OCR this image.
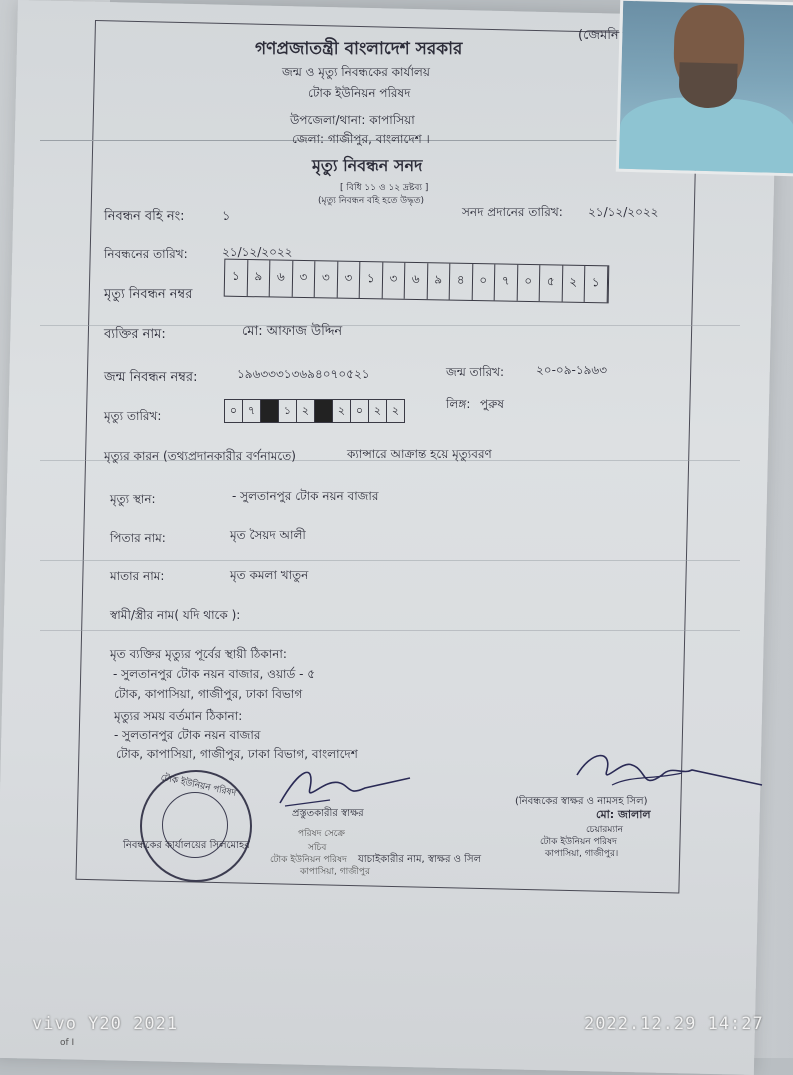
(জেমনি
গণপ্রজাতন্ত্রী বাংলাদেশ সরকার
জন্ম ও মৃত্যু নিবন্ধকের কার্যালয়
টোক ইউনিয়ন পরিষদ
উপজেলা/থানা: কাপাসিয়া
জেলা: গাজীপুর, বাংলাদেশ ।
মৃত্যু নিবন্ধন সনদ
[ বিধি ১১ ও ১২ দ্রষ্টব্য ]
(মৃত্যু নিবন্ধন বহি হতে উদ্ধৃত)
নিবন্ধন বহি নং:	১	সনদ প্রদানের তারিখ: ২১/১২/২০২২
নিবন্ধনের তারিখ:	২১/১২/২০২২
মৃত্যু নিবন্ধন নম্বর
১	৯	৬	৩	৩	৩	১	৩	৬	৯	৪	০	৭	০	৫	২	১
ব্যক্তির নাম:	মো: আফাজ উদ্দিন
জন্ম নিবন্ধন নম্বর:	১৯৬৩৩৩১৩৬৯৪০৭০৫২১	জন্ম তারিখ:	২০-০৯-১৯৬৩
মৃত্যু তারিখ:	০ ৭	১ ২	২ ০ ২ ২	লিঙ্গ: পুরুষ
মৃত্যুর কারন (তথ্যপ্রদানকারীর বর্ণনামতে)	ক্যান্সারে আক্রান্ত হয়ে মৃত্যুবরণ
মৃত্যু স্থান:	- সুলতানপুর টোক নয়ন বাজার
পিতার নাম:	মৃত সৈয়দ আলী
মাতার নাম:	মৃত কমলা খাতুন
স্বামী/স্ত্রীর নাম( যদি থাকে ):
মৃত ব্যক্তির মৃত্যুর পূর্বের স্থায়ী ঠিকানা:
- সুলতানপুর টোক নয়ন বাজার, ওয়ার্ড - ৫
টোক, কাপাসিয়া, গাজীপুর, ঢাকা বিভাগ
মৃত্যুর সময় বর্তমান ঠিকানা:
- সুলতানপুর টোক নয়ন বাজার
টোক, কাপাসিয়া, গাজীপুর, ঢাকা বিভাগ, বাংলাদেশ
টোক ইউনিয়ন পরিষদ
নিবন্ধকের কার্যালয়ের সিলমোহর
প্রস্তুতকারীর স্বাক্ষর
পরিষদ সেক্রে
সচিব
টোক ইউনিয়ন পরিষদ
কাপাসিয়া, গাজীপুর
যাচাইকারীর নাম, স্বাক্ষর ও সিল
(নিবন্ধকের স্বাক্ষর ও নামসহ সিল)
মো: জালাল
চেয়ারম্যান
টোক ইউনিয়ন পরিষদ
কাপাসিয়া, গাজীপুর।
vivo Y20 2021	2022.12.29 14:27
of I
